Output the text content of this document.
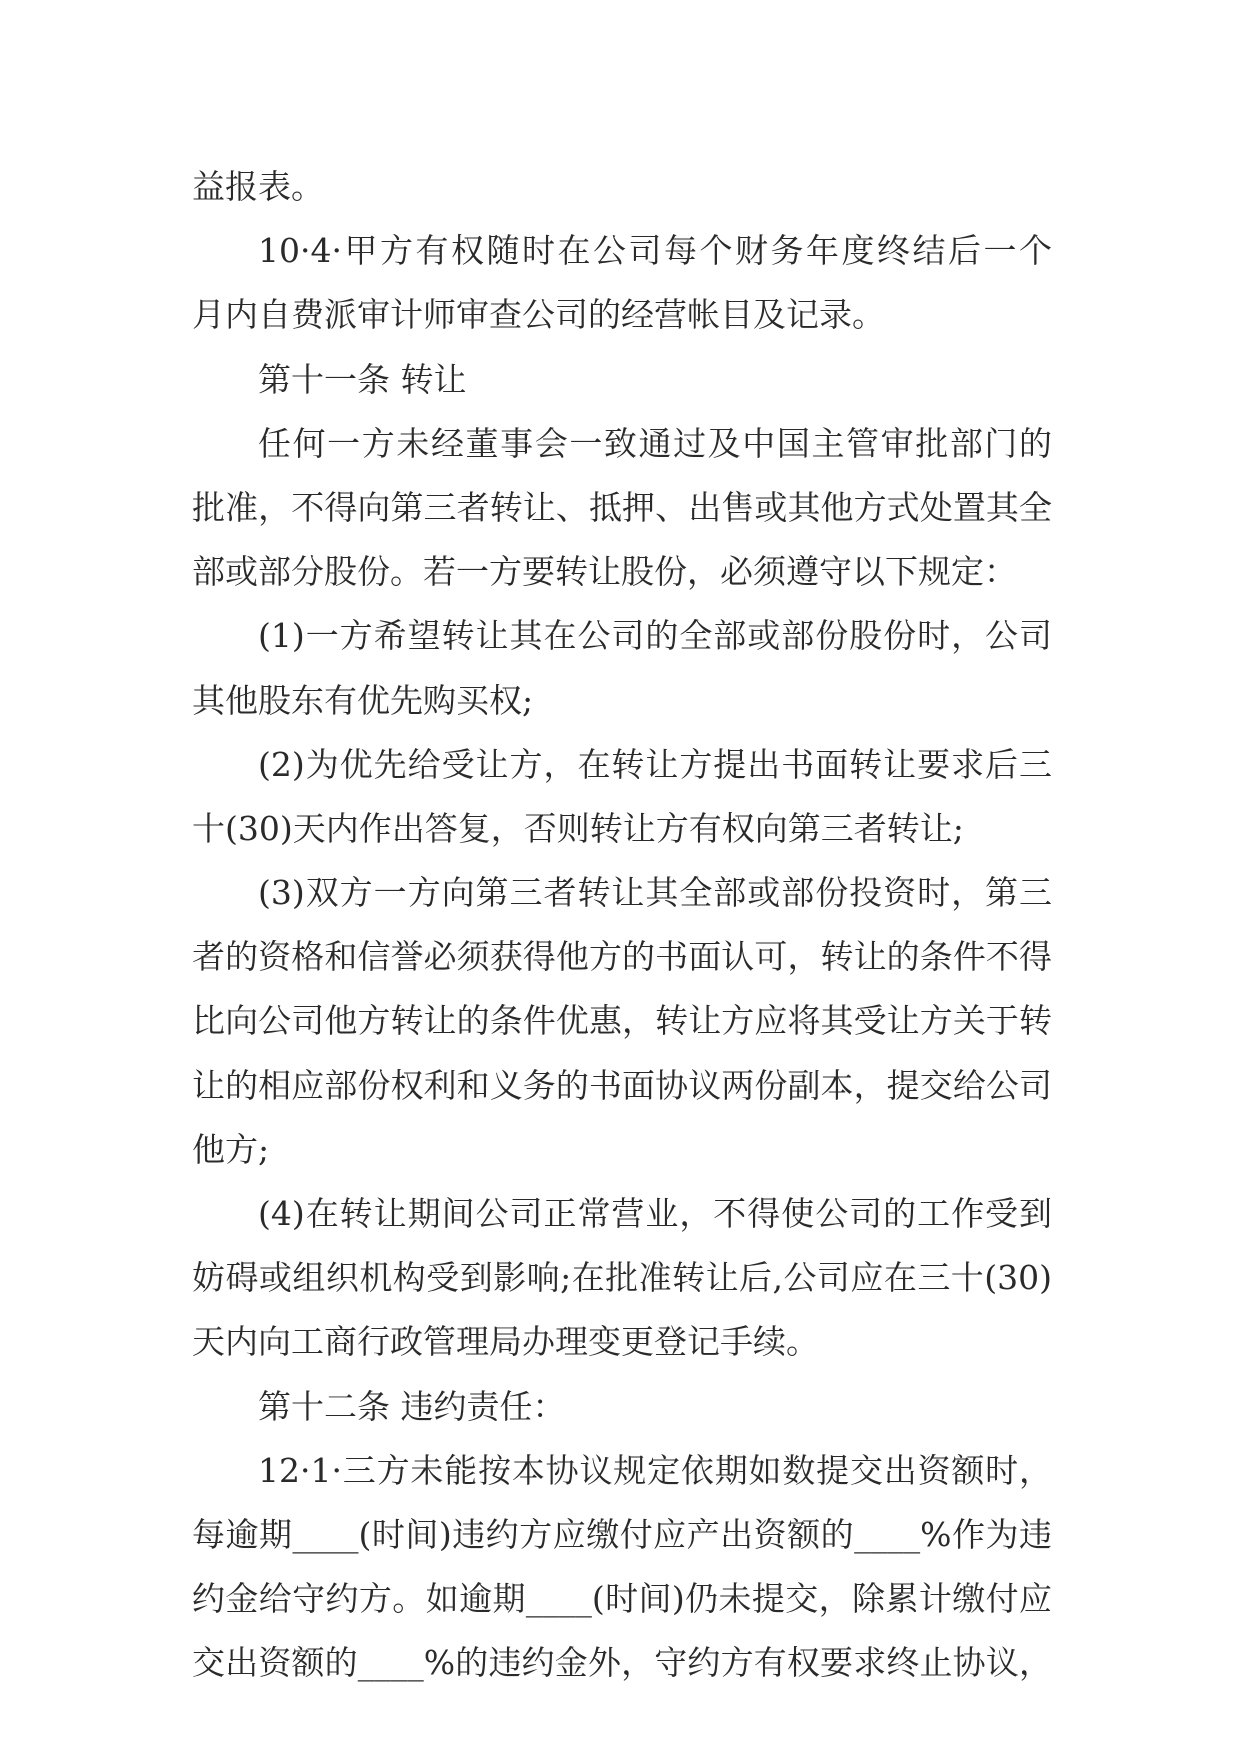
益报表。
10·4·甲方有权随时在公司每个财务年度终结后一个
月内自费派审计师审查公司的经营帐目及记录。
第十一条 转让
任何一方未经董事会一致通过及中国主管审批部门的
批准，不得向第三者转让、抵押、出售或其他方式处置其全
部或部分股份。若一方要转让股份，必须遵守以下规定：
(1)一方希望转让其在公司的全部或部份股份时，公司
其他股东有优先购买权;
(2)为优先给受让方，在转让方提出书面转让要求后三
十(30)天内作出答复，否则转让方有权向第三者转让;
(3)双方一方向第三者转让其全部或部份投资时，第三
者的资格和信誉必须获得他方的书面认可，转让的条件不得
比向公司他方转让的条件优惠，转让方应将其受让方关于转
让的相应部份权利和义务的书面协议两份副本，提交给公司
他方;
(4)在转让期间公司正常营业，不得使公司的工作受到
妨碍或组织机构受到影响;在批准转让后,公司应在三十(30)
天内向工商行政管理局办理变更登记手续。
第十二条 违约责任：
12·1·三方未能按本协议规定依期如数提交出资额时，
每逾期____(时间)违约方应缴付应产出资额的____%作为违
约金给守约方。如逾期____(时间)仍未提交，除累计缴付应
交出资额的____%的违约金外，守约方有权要求终止协议，
